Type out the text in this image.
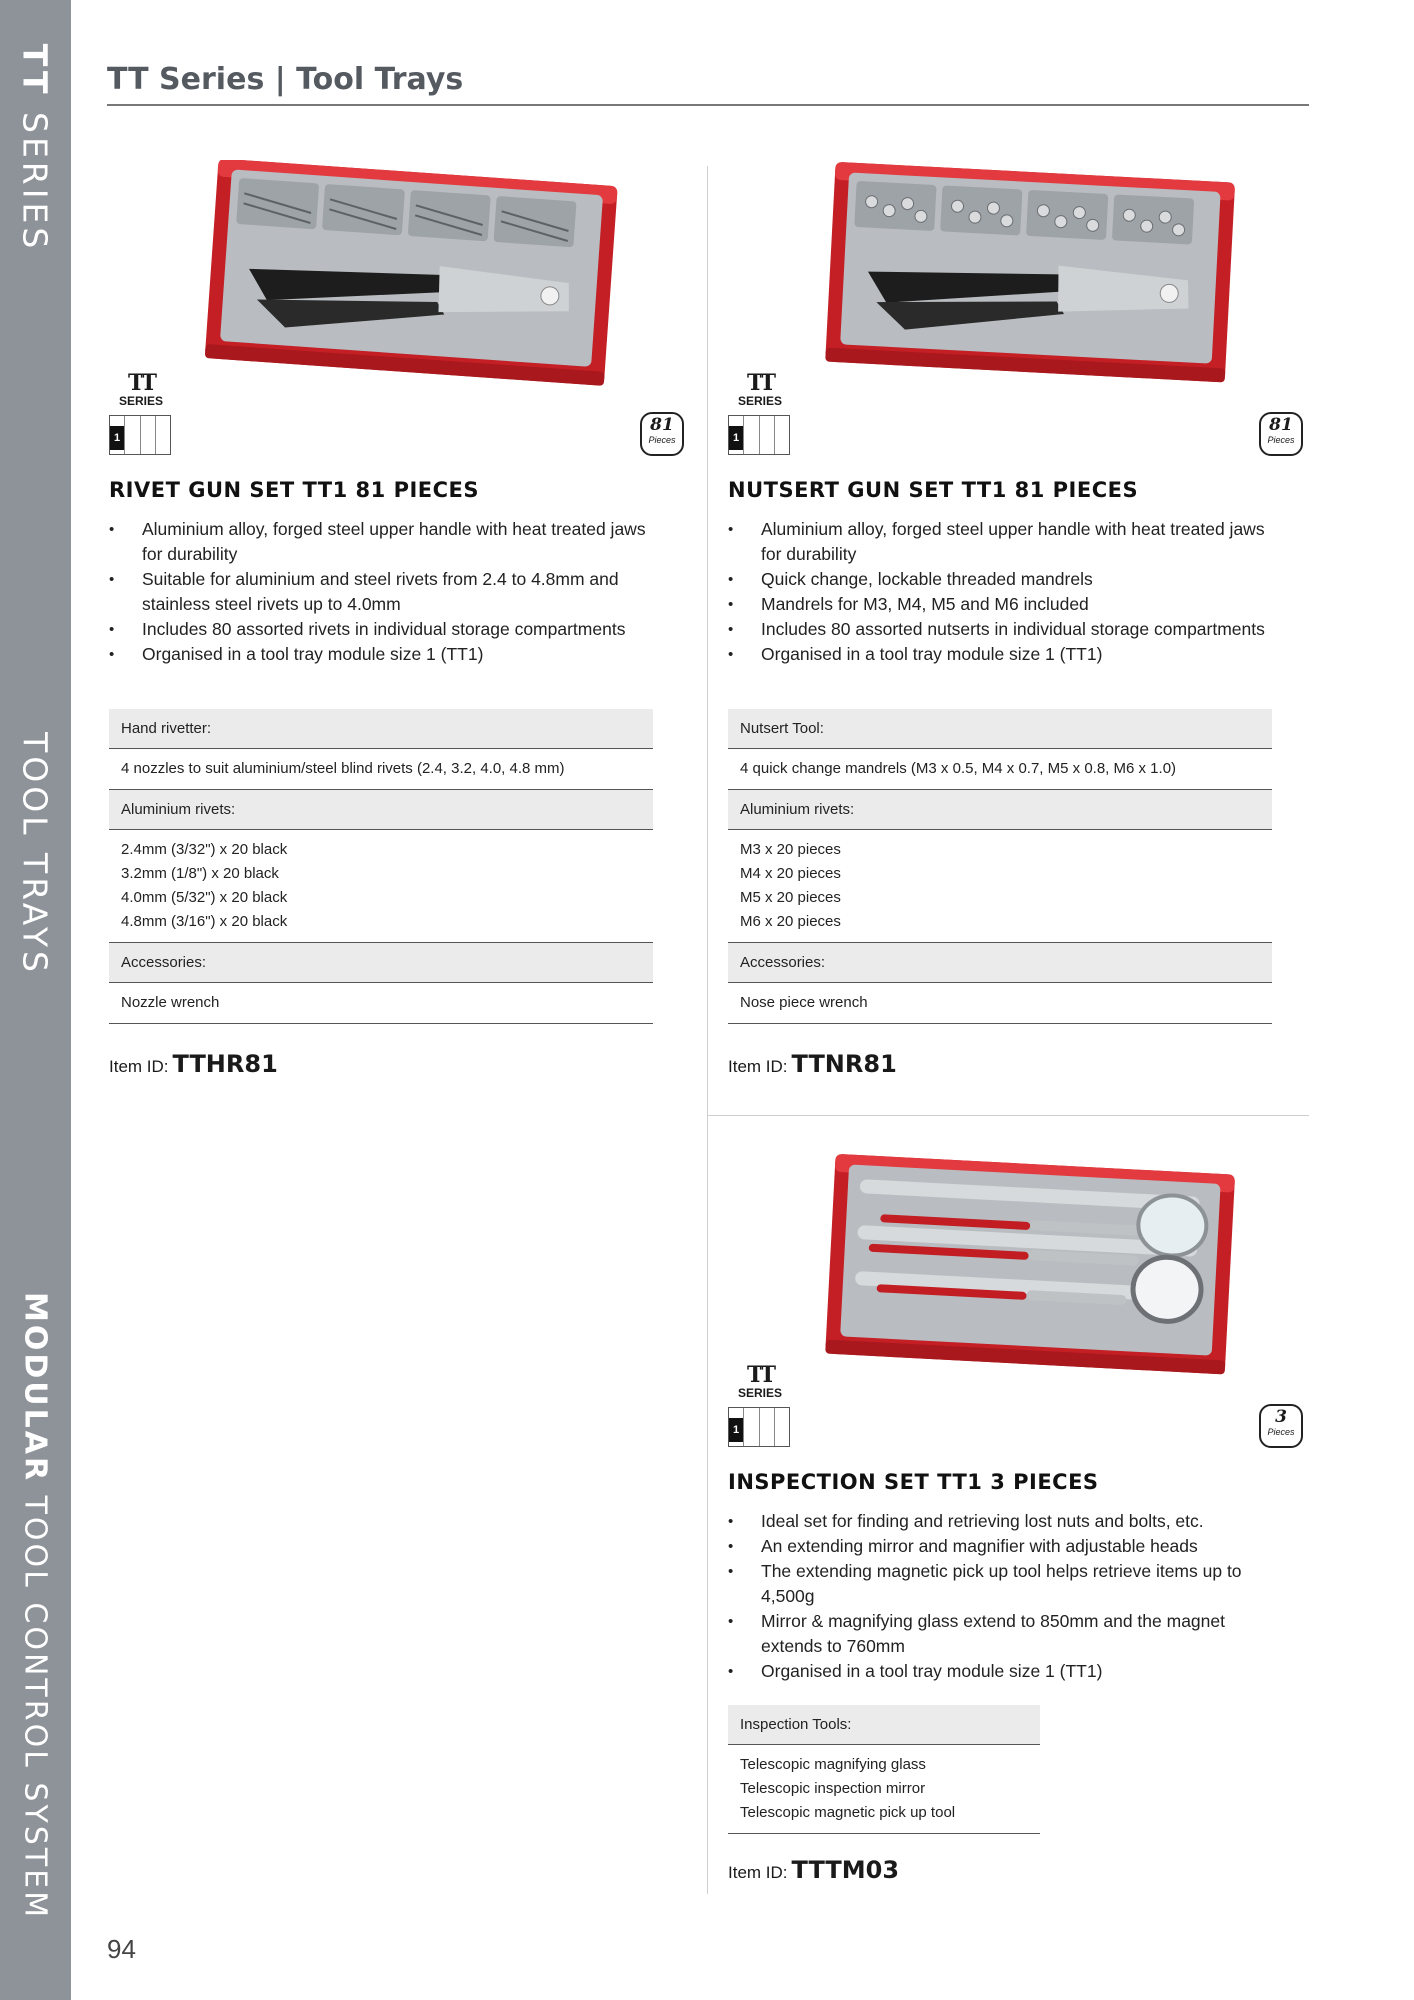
TT SERIES
TOOL TRAYS
MODULAR TOOL CONTROL SYSTEM
TT Series | Tool Trays
TT
SERIES
1
81
Pieces
RIVET GUN SET TT1 81 PIECES
• Aluminium alloy, forged steel upper handle with heat treated jaws for durability
• Suitable for aluminium and steel rivets from 2.4 to 4.8mm and stainless steel rivets up to 4.0mm
• Includes 80 assorted rivets in individual storage compartments
• Organised in a tool tray module size 1 (TT1)
Hand rivetter:
4 nozzles to suit aluminium/steel blind rivets (2.4, 3.2, 4.0, 4.8 mm)
Aluminium rivets:
2.4mm (3/32") x 20 black
3.2mm (1/8") x 20 black
4.0mm (5/32") x 20 black
4.8mm (3/16") x 20 black
Accessories:
Nozzle wrench
Item ID: TTHR81
TT
SERIES
1
81
Pieces
NUTSERT GUN SET TT1 81 PIECES
• Aluminium alloy, forged steel upper handle with heat treated jaws for durability
• Quick change, lockable threaded mandrels
• Mandrels for M3, M4, M5 and M6 included
• Includes 80 assorted nutserts in individual storage compartments
• Organised in a tool tray module size 1 (TT1)
Nutsert Tool:
4 quick change mandrels (M3 x 0.5, M4 x 0.7, M5 x 0.8, M6 x 1.0)
Aluminium rivets:
M3 x 20 pieces
M4 x 20 pieces
M5 x 20 pieces
M6 x 20 pieces
Accessories:
Nose piece wrench
Item ID: TTNR81
TT
SERIES
1
3
Pieces
INSPECTION SET TT1 3 PIECES
• Ideal set for finding and retrieving lost nuts and bolts, etc.
• An extending mirror and magnifier with adjustable heads
• The extending magnetic pick up tool helps retrieve items up to 4,500g
• Mirror & magnifying glass extend to 850mm and the magnet extends to 760mm
• Organised in a tool tray module size 1 (TT1)
Inspection Tools:
Telescopic magnifying glass
Telescopic inspection mirror
Telescopic magnetic pick up tool
Item ID: TTTM03
94
